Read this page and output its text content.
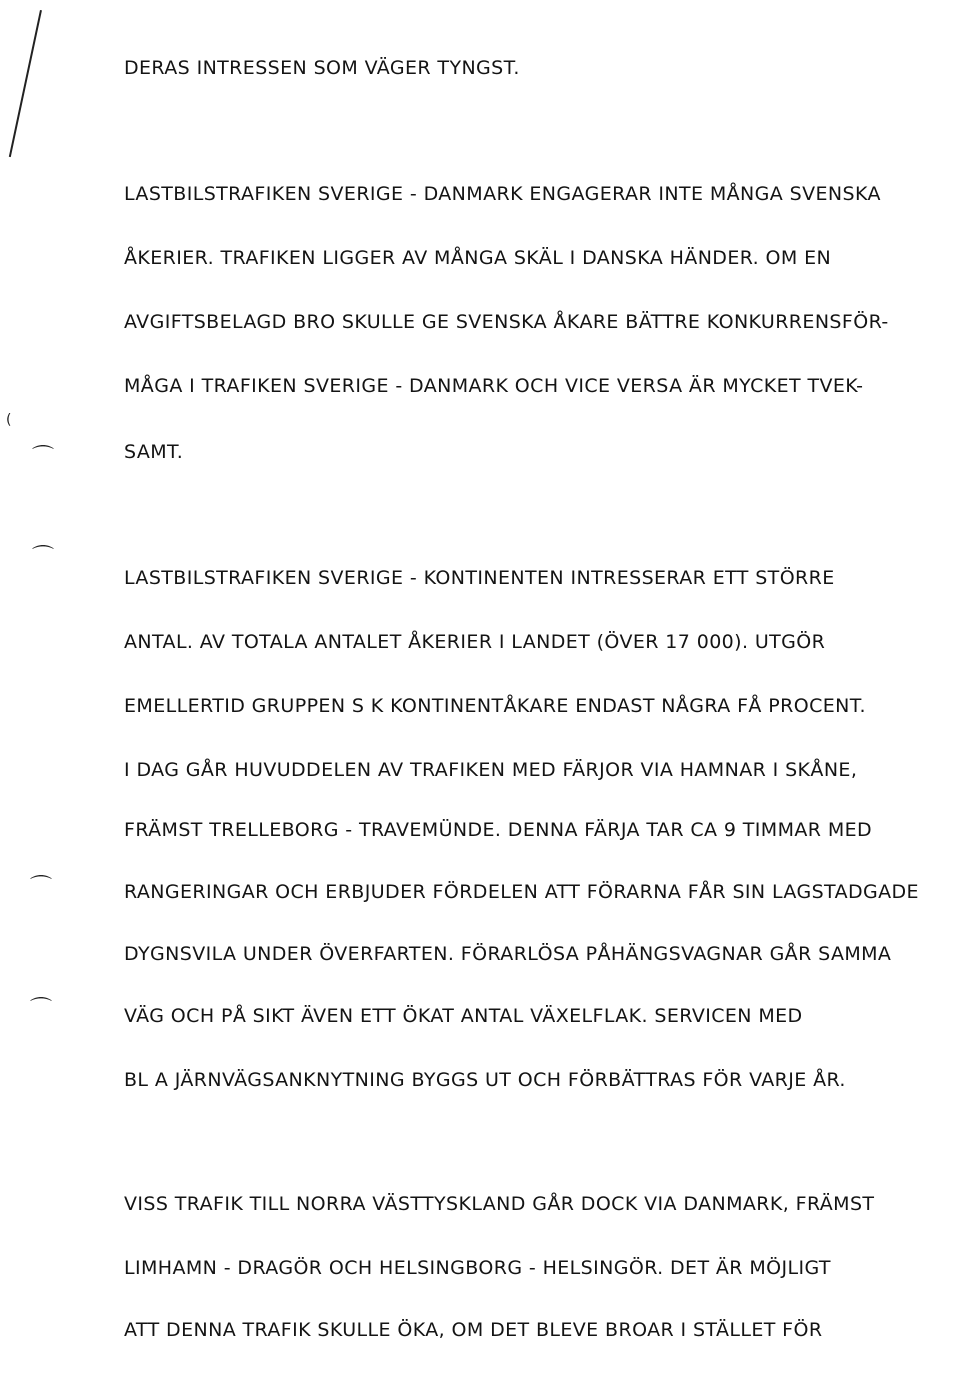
⌒
⌒
⌒
⌒
(
DERAS INTRESSEN SOM VÄGER TYNGST.
LASTBILSTRAFIKEN SVERIGE - DANMARK ENGAGERAR INTE MÅNGA SVENSKA
ÅKERIER. TRAFIKEN LIGGER AV MÅNGA SKÄL I DANSKA HÄNDER. OM EN
AVGIFTSBELAGD BRO SKULLE GE SVENSKA ÅKARE BÄTTRE KONKURRENSFÖR-
MÅGA I TRAFIKEN SVERIGE - DANMARK OCH VICE VERSA ÄR MYCKET TVEK-
SAMT.
LASTBILSTRAFIKEN SVERIGE - KONTINENTEN INTRESSERAR ETT STÖRRE
ANTAL. AV TOTALA ANTALET ÅKERIER I LANDET (ÖVER 17 000). UTGÖR
EMELLERTID GRUPPEN S K KONTINENTÅKARE ENDAST NÅGRA FÅ PROCENT.
I DAG GÅR HUVUDDELEN AV TRAFIKEN MED FÄRJOR VIA HAMNAR I SKÅNE,
FRÄMST TRELLEBORG - TRAVEMÜNDE. DENNA FÄRJA TAR CA 9 TIMMAR MED
RANGERINGAR OCH ERBJUDER FÖRDELEN ATT FÖRARNA FÅR SIN LAGSTADGADE
DYGNSVILA UNDER ÖVERFARTEN. FÖRARLÖSA PÅHÄNGSVAGNAR GÅR SAMMA
VÄG OCH PÅ SIKT ÄVEN ETT ÖKAT ANTAL VÄXELFLAK. SERVICEN MED
BL A JÄRNVÄGSANKNYTNING BYGGS UT OCH FÖRBÄTTRAS FÖR VARJE ÅR.
VISS TRAFIK TILL NORRA VÄSTTYSKLAND GÅR DOCK VIA DANMARK, FRÄMST
LIMHAMN - DRAGÖR OCH HELSINGBORG - HELSINGÖR. DET ÄR MÖJLIGT
ATT DENNA TRAFIK SKULLE ÖKA, OM DET BLEVE BROAR I STÄLLET FÖR
